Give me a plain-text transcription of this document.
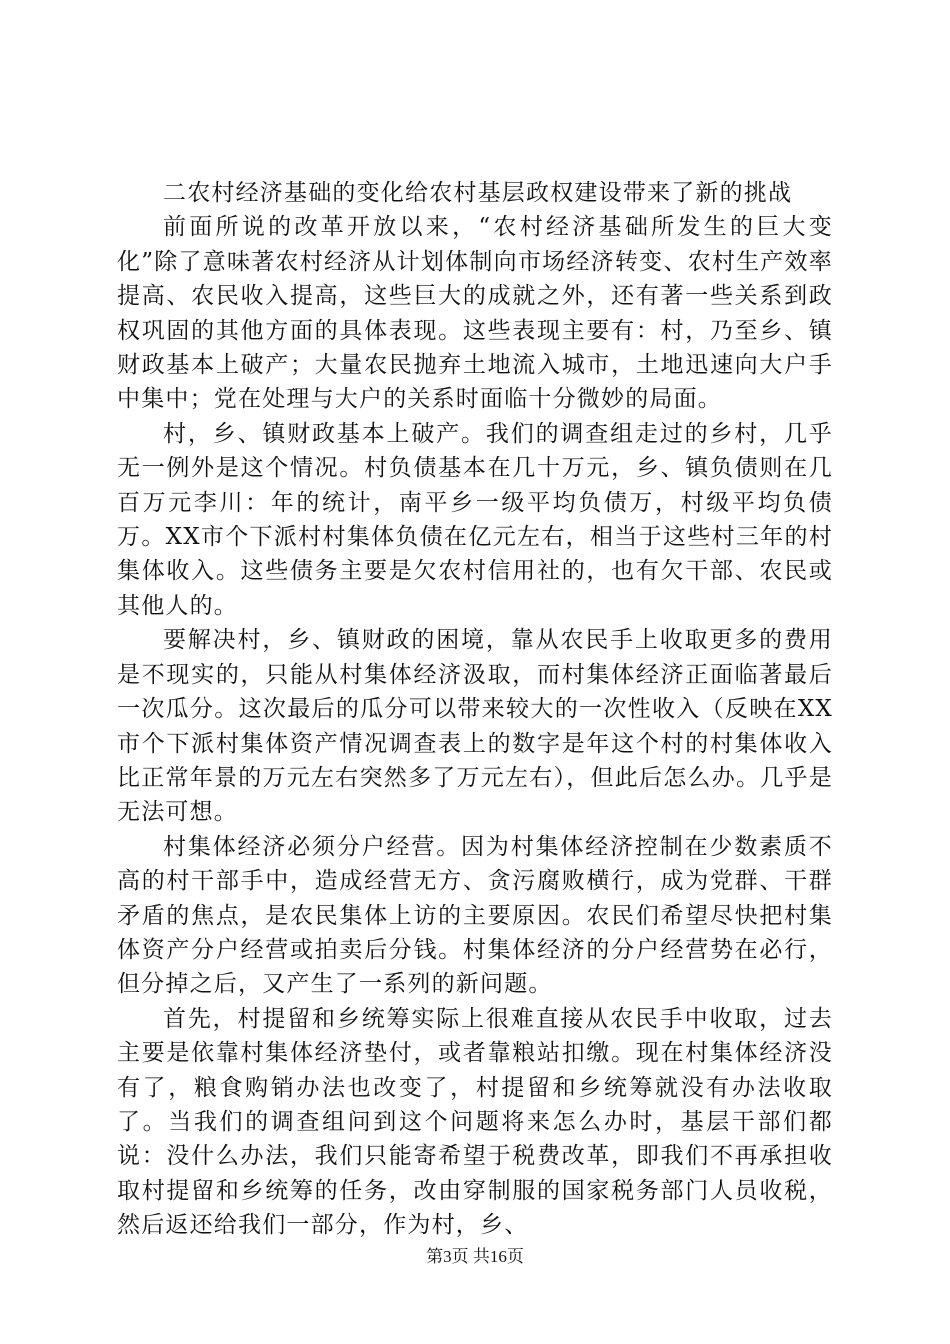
二农村经济基础的变化给农村基层政权建设带来了新的挑战

前面所说的改革开放以来，“农村经济基础所发生的巨大变化”除了意味著农村经济从计划体制向市场经济转变、农村生产效率提高、农民收入提高，这些巨大的成就之外，还有著一些关系到政权巩固的其他方面的具体表现。这些表现主要有：村，乃至乡、镇财政基本上破产；大量农民抛弃土地流入城市，土地迅速向大户手中集中；党在处理与大户的关系时面临十分微妙的局面。

村，乡、镇财政基本上破产。我们的调查组走过的乡村，几乎无一例外是这个情况。村负债基本在几十万元，乡、镇负债则在几百万元李川：年的统计，南平乡一级平均负债万，村级平均负债万。XX市个下派村村集体负债在亿元左右，相当于这些村三年的村集体收入。这些债务主要是欠农村信用社的，也有欠干部、农民或其他人的。

要解决村，乡、镇财政的困境，靠从农民手上收取更多的费用是不现实的，只能从村集体经济汲取，而村集体经济正面临著最后一次瓜分。这次最后的瓜分可以带来较大的一次性收入（反映在XX市个下派村集体资产情况调查表上的数字是年这个村的村集体收入比正常年景的万元左右突然多了万元左右），但此后怎么办。几乎是无法可想。

村集体经济必须分户经营。因为村集体经济控制在少数素质不高的村干部手中，造成经营无方、贪污腐败横行，成为党群、干群矛盾的焦点，是农民集体上访的主要原因。农民们希望尽快把村集体资产分户经营或拍卖后分钱。村集体经济的分户经营势在必行，但分掉之后，又产生了一系列的新问题。

首先，村提留和乡统筹实际上很难直接从农民手中收取，过去主要是依靠村集体经济垫付，或者靠粮站扣缴。现在村集体经济没有了，粮食购销办法也改变了，村提留和乡统筹就没有办法收取了。当我们的调查组问到这个问题将来怎么办时，基层干部们都说：没什么办法，我们只能寄希望于税费改革，即我们不再承担收取村提留和乡统筹的任务，改由穿制服的国家税务部门人员收税，然后返还给我们一部分，作为村，乡、

第3页 共16页
